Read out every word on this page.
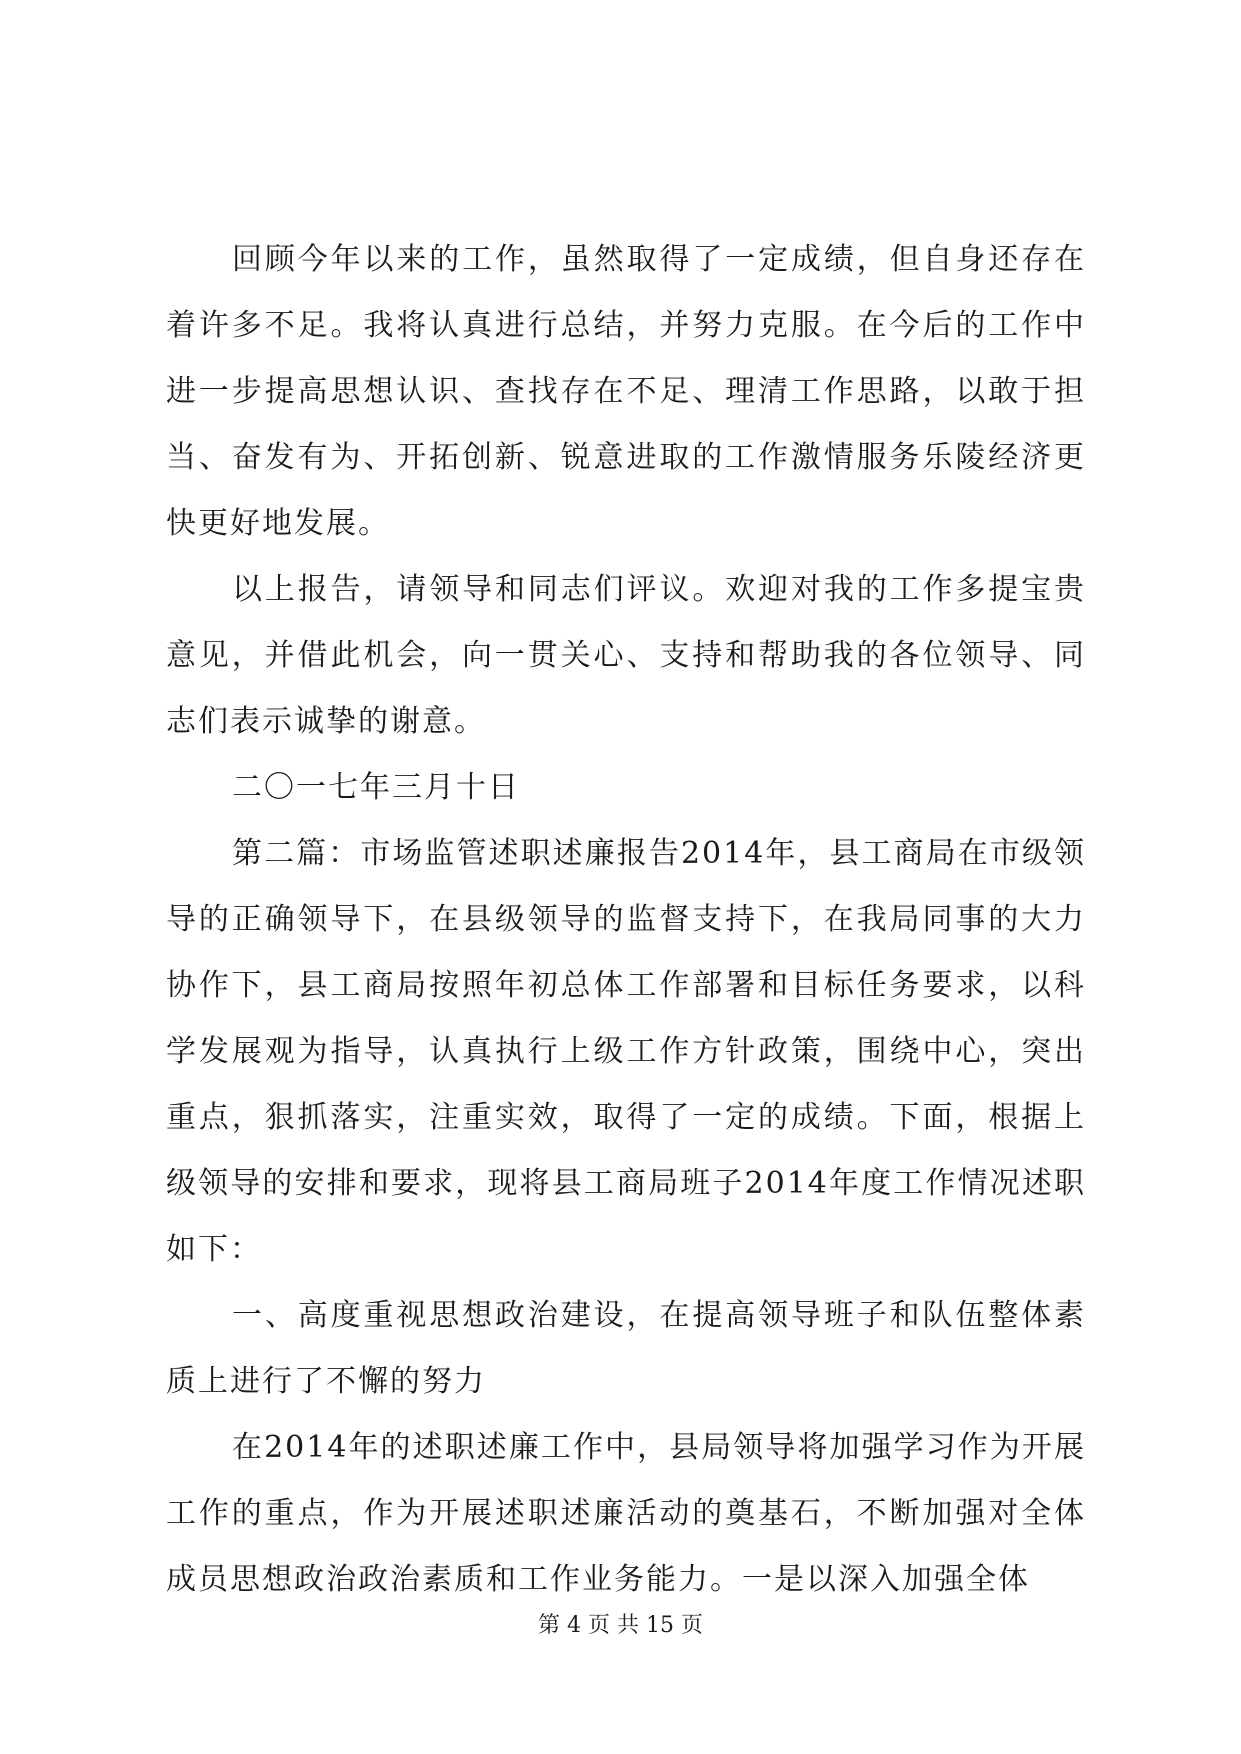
回顾今年以来的工作，虽然取得了一定成绩，但自身还存在着许多不足。我将认真进行总结，并努力克服。在今后的工作中进一步提高思想认识、查找存在不足、理清工作思路，以敢于担当、奋发有为、开拓创新、锐意进取的工作激情服务乐陵经济更快更好地发展。

以上报告，请领导和同志们评议。欢迎对我的工作多提宝贵意见，并借此机会，向一贯关心、支持和帮助我的各位领导、同志们表示诚挚的谢意。

二〇一七年三月十日

第二篇：市场监管述职述廉报告2014年，县工商局在市级领导的正确领导下，在县级领导的监督支持下，在我局同事的大力协作下，县工商局按照年初总体工作部署和目标任务要求，以科学发展观为指导，认真执行上级工作方针政策，围绕中心，突出重点，狠抓落实，注重实效，取得了一定的成绩。下面，根据上级领导的安排和要求，现将县工商局班子2014年度工作情况述职如下：

一、高度重视思想政治建设，在提高领导班子和队伍整体素质上进行了不懈的努力

在2014年的述职述廉工作中，县局领导将加强学习作为开展工作的重点，作为开展述职述廉活动的奠基石，不断加强对全体成员思想政治政治素质和工作业务能力。一是以深入加强全体

第 4 页 共 15 页
